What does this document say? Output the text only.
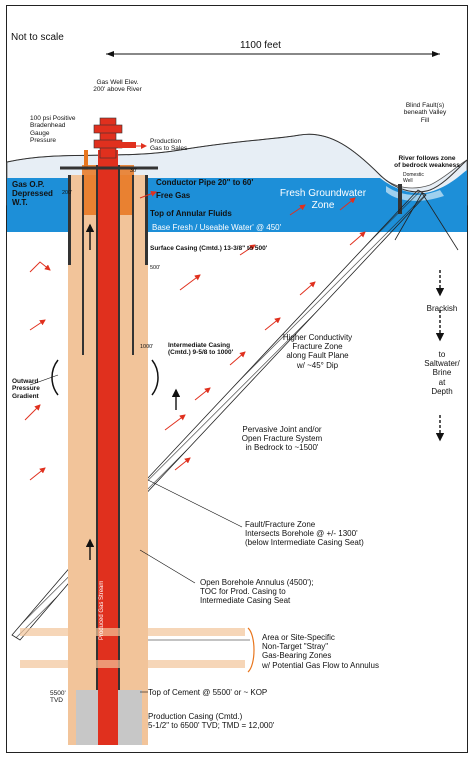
Not to scale
1100 feet
Gas Well Elev.
200' above River
100 psi Positive
Bradenhead
Gauge
Pressure	Production
Gas to Sales
Blind Fault(s)
beneath Valley
Fill
River follows zone
of bedrock weakness
Domestic
Well
30'
200'
Gas O.P.
Depressed
W.T.
Conductor Pipe 20" to 60'
Free Gas
Top of Annular Fluids
Fresh Groundwater
Zone
Base Fresh / Useable Water' @ 450'
Surface Casing (Cmtd.) 13-3/8" to 500'
500'
1000' Intermediate Casing
(Cmtd.) 9-5/8 to 1000'
Outward
Pressure
Gradient
Produced Gas Stream
Higher Conductivity
Fracture Zone
along Fault Plane
w/ ~45° Dip
Pervasive Joint and/or
Open Fracture System
in Bedrock to ~1500'
Fault/Fracture Zone
Intersects Borehole @ +/- 1300'
(below Intermediate Casing Seat)
Brackish
to
Saltwater/
Brine
at
Depth
Open Borehole Annulus (4500');
TOC for Prod. Casing to
Intermediate Casing Seat
Area or Site-Specific
Non-Target "Stray"
Gas-Bearing Zones
w/ Potential Gas Flow to Annulus
Top of Cement @ 5500' or ~ KOP
5500'
TVD
Production Casing (Cmtd.)
5-1/2" to 6500' TVD; TMD = 12,000'
